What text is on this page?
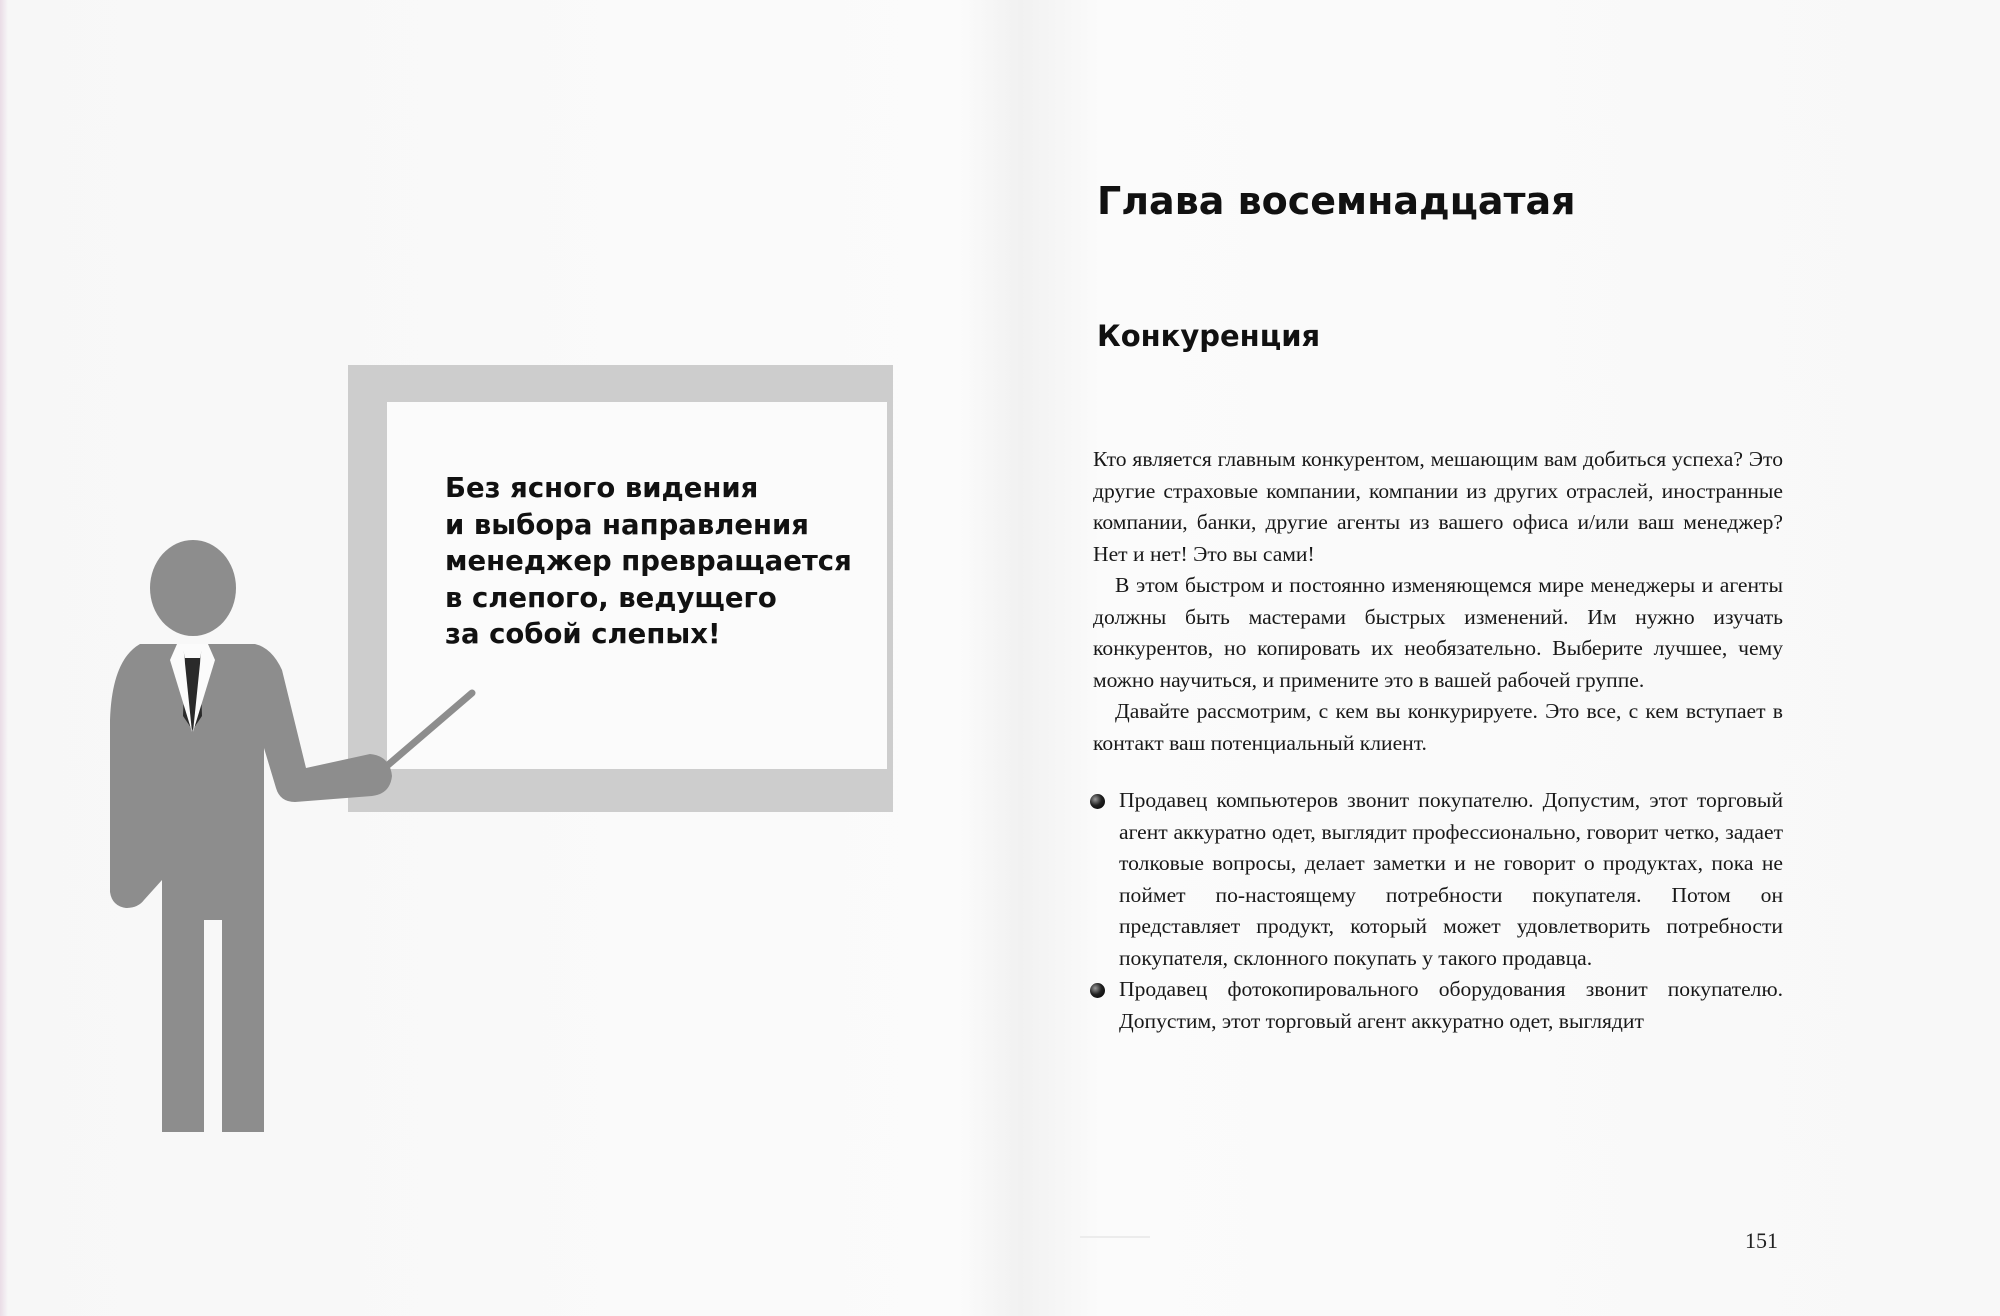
Без ясного видения
и выбора направления
менеджер превращается
в слепого, ведущего
за собой слепых!
Глава восемнадцатая
Конкуренция

Кто является главным конкурентом, мешающим вам добиться успеха? Это другие страховые компании, компании из других отраслей, иностранные компании, банки, другие агенты из вашего офиса и/или ваш менеджер? Нет и нет! Это вы сами!

В этом быстром и постоянно изменяющемся мире менеджеры и агенты должны быть мастерами быстрых изменений. Им нужно изучать конкурентов, но копировать их необязательно. Выберите лучшее, чему можно научиться, и примените это в вашей рабочей группе.

Давайте рассмотрим, с кем вы конкурируете. Это все, с кем вступает в контакт ваш потенциальный клиент.

Продавец компьютеров звонит покупателю. Допустим, этот торговый агент аккуратно одет, выглядит профессионально, говорит четко, задает толковые вопросы, делает заметки и не говорит о продуктах, пока не поймет по-настоящему потребности покупателя. Потом он представляет продукт, который может удовлетворить потребности покупателя, склонного покупать у такого продавца.
Продавец фотокопировального оборудования звонит покупателю. Допустим, этот торговый агент аккуратно одет, выглядит
151
